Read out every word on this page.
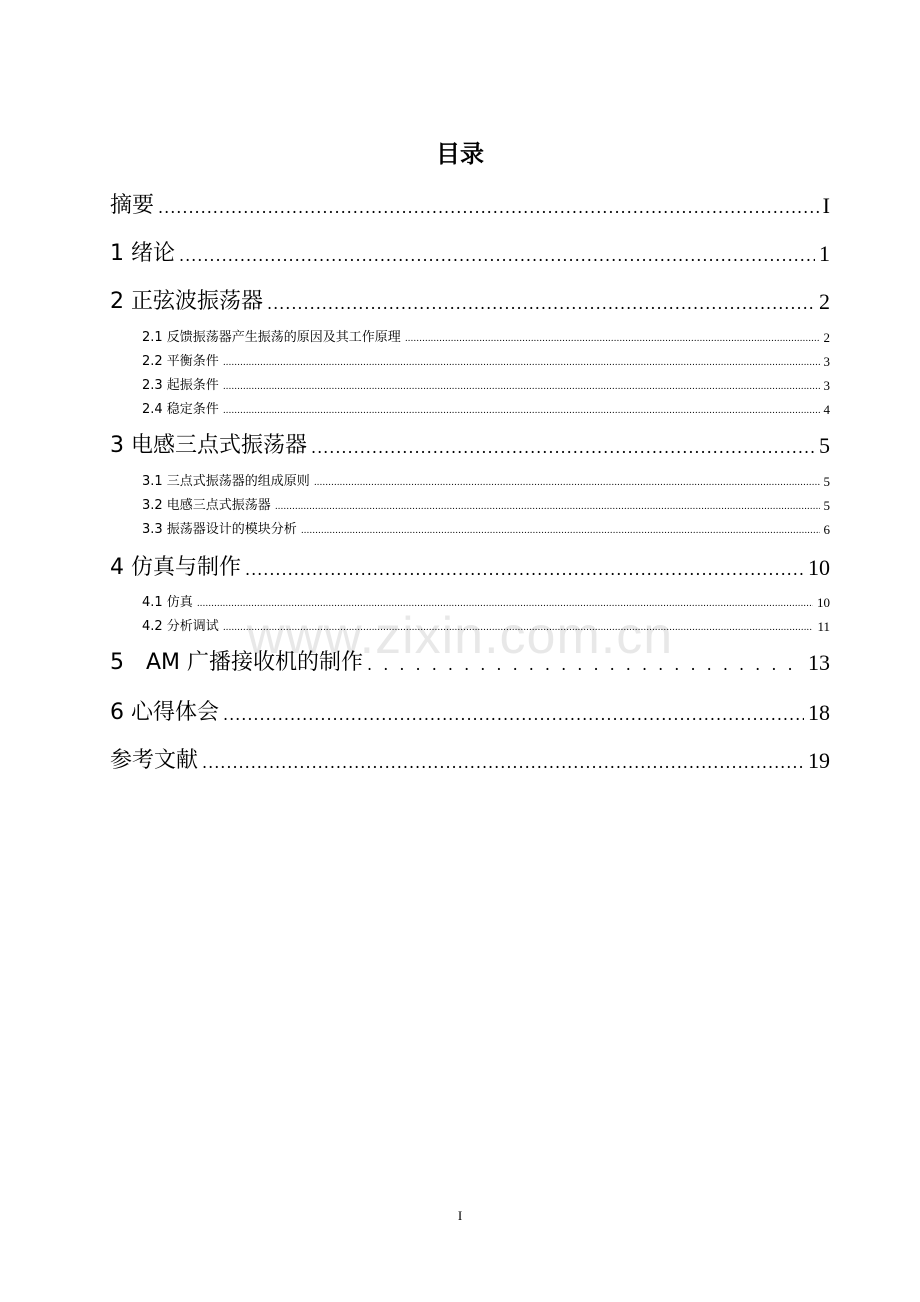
目录
摘要 .....	I
1 绪论 .....	1
2 正弦波振荡器 .....	2
2.1 反馈振荡器产生振荡的原因及其工作原理 .....	2
2.2 平衡条件 .....	3
2.3 起振条件 .....	3
2.4 稳定条件 .....	4
3 电感三点式振荡器 .....	5
3.1 三点式振荡器的组成原则 .....	5
3.2 电感三点式振荡器 .....	5
3.3 振荡器设计的模块分析 .....	6
4 仿真与制作 .....	10
4.1 仿真 .....	10
4.2 分析调试 .....	11
5　AM 广播接收机的制作 . . .	13
6 心得体会 .....	18
参考文献 .....	19
www.zixin.com.cn
I
